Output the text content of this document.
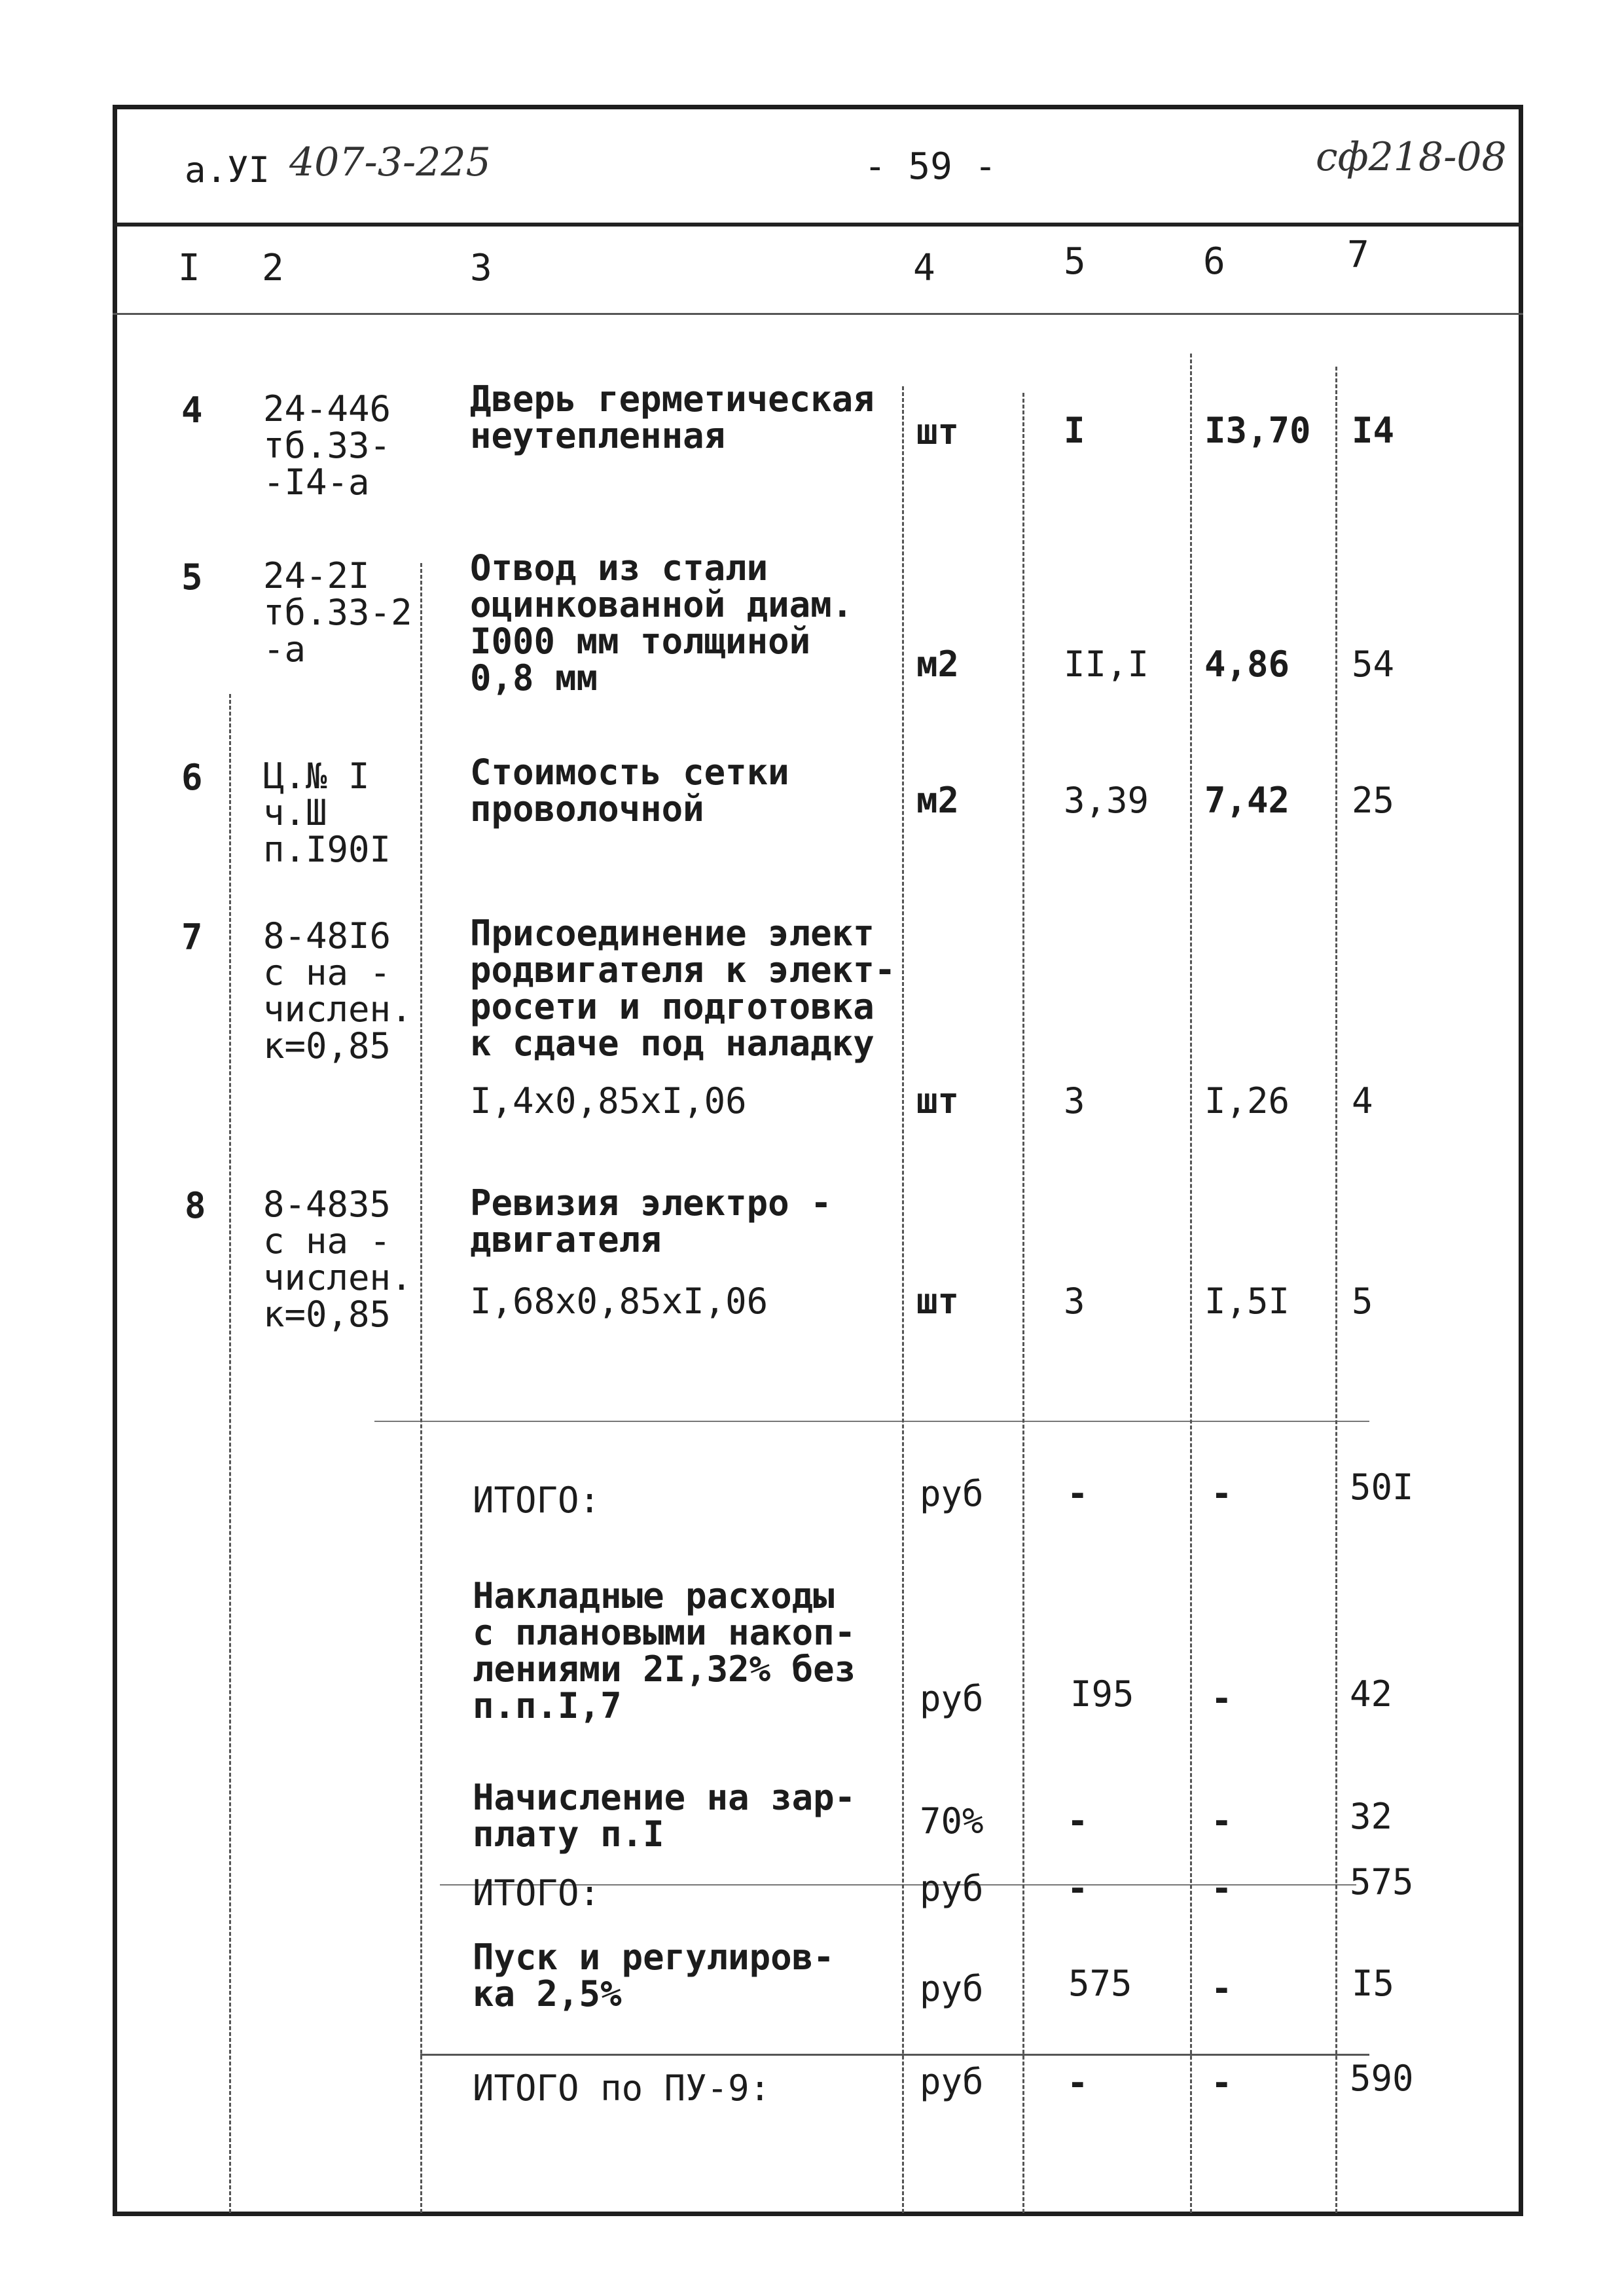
а.УI 407-3-225	- 59 -	сф218-08
I 2	3	4	5	6	7
4 24-446
тб.33-
-I4-а
Дверь герметическая
неутепленная	шт	I	I3,70 I4
5 24-2I
тб.33-2
-а
Отвод из стали
оцинкованной диам.
I000 мм толщиной
0,8 мм	м2	II,I 4,86 54
6 Ц.№ I
ч.Ш
п.I90I
Стоимость сетки
проволочной	м2	3,39 7,42 25
7 8-48I6
с на -
числен.
к=0,85
Присоединение элект
родвигателя к элект-
росети и подготовка
к сдаче под наладку
I,4х0,85хI,06	шт	3	I,26 4
8 8-4835
с на -
числен.
к=0,85
Ревизия электро -
двигателя
I,68х0,85хI,06	шт	3	I,5I 5
ИТОГО:	руб -	-	50I
Накладные расходы
с плановыми накоп-
лениями 2I,32% без
п.п.I,7	руб I95 -	42
Начисление на зар-
плату п.I	70% -	-	32
ИТОГО:	руб -	-	575
Пуск и регулиров-
ка 2,5%	руб 575 -	I5
ИТОГО по ПУ-9:	руб -	-	590
